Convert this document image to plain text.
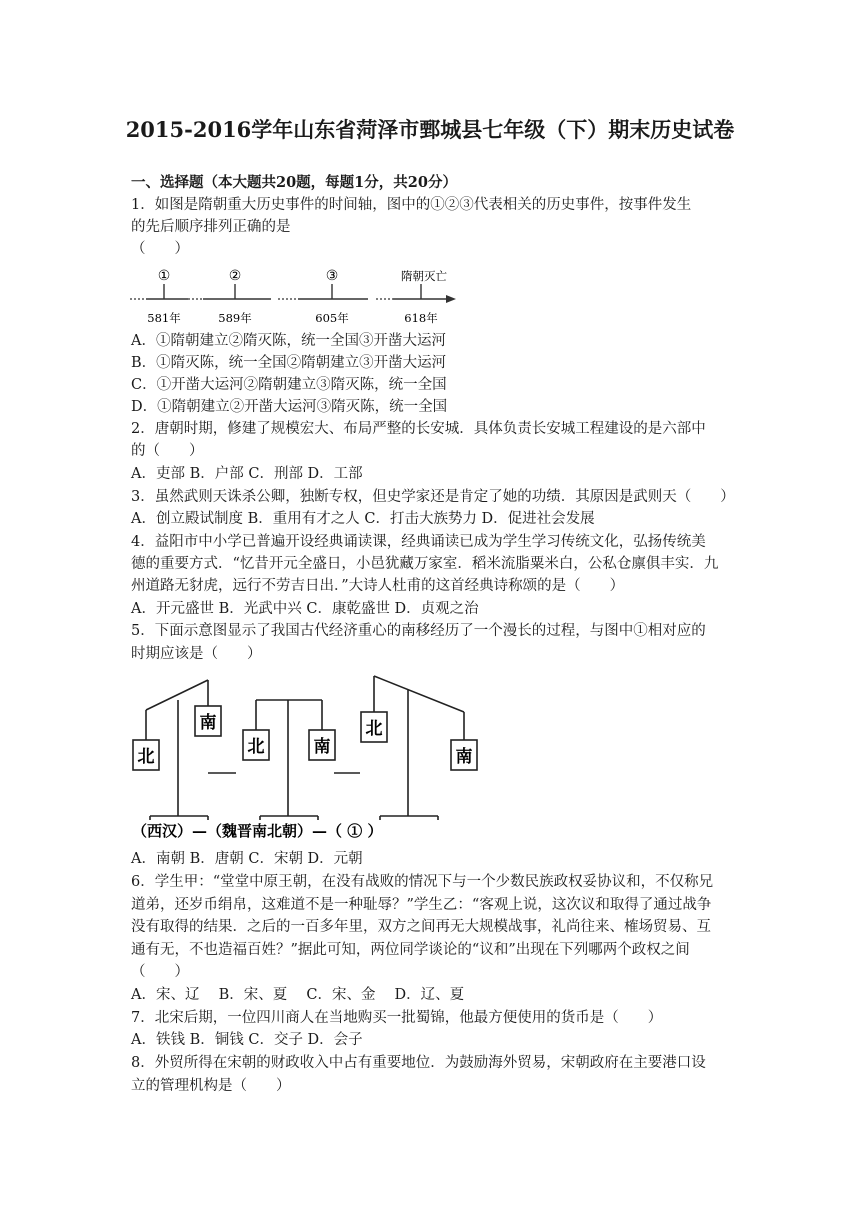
2015-2016学年山东省菏泽市鄄城县七年级（下）期末历史试卷
一、选择题（本大题共20题，每题1分，共20分）
1．如图是隋朝重大历史事件的时间轴，图中的①②③代表相关的历史事件，按事件发生
的先后顺序排列正确的是
（　　）
①	②	③	隋朝灭亡
581年	589年	605年	618年
A．①隋朝建立②隋灭陈，统一全国③开凿大运河
B．①隋灭陈，统一全国②隋朝建立③开凿大运河
C．①开凿大运河②隋朝建立③隋灭陈，统一全国
D．①隋朝建立②开凿大运河③隋灭陈，统一全国
2．唐朝时期，修建了规模宏大、布局严整的长安城．具体负责长安城工程建设的是六部中
的（　　）
A．吏部 B．户部 C．刑部 D．工部
3．虽然武则天诛杀公卿，独断专权，但史学家还是肯定了她的功绩．其原因是武则天（　　）
A．创立殿试制度 B．重用有才之人 C．打击大族势力 D．促进社会发展
4．益阳市中小学已普遍开设经典诵读课，经典诵读已成为学生学习传统文化，弘扬传统美
德的重要方式．“忆昔开元全盛日，小邑犹藏万家室．稻米流脂粟米白，公私仓廪俱丰实．九
州道路无豺虎，远行不劳吉日出．”大诗人杜甫的这首经典诗称颂的是（　　）
A．开元盛世 B．光武中兴 C．康乾盛世 D．贞观之治
5．下面示意图显示了我国古代经济重心的南移经历了一个漫长的过程，与图中①相对应的
时期应该是（　　）
北
南
北	南
北
南
（西汉）—（魏晋南北朝）—（ ① ）
A．南朝 B．唐朝 C．宋朝 D．元朝
6．学生甲：“堂堂中原王朝，在没有战败的情况下与一个少数民族政权妥协议和，不仅称兄
道弟，还岁币绢帛，这难道不是一种耻辱？”学生乙：“客观上说，这次议和取得了通过战争
没有取得的结果．之后的一百多年里，双方之间再无大规模战事，礼尚往来、榷场贸易、互
通有无，不也造福百姓？”据此可知，两位同学谈论的“议和”出现在下列哪两个政权之间
（　　）
A．宋、辽　 B．宋、夏　 C．宋、金　 D．辽、夏
7．北宋后期，一位四川商人在当地购买一批蜀锦，他最方便使用的货币是（　　）
A．铁钱 B．铜钱 C．交子 D．会子
8．外贸所得在宋朝的财政收入中占有重要地位．为鼓励海外贸易，宋朝政府在主要港口设
立的管理机构是（　　）
